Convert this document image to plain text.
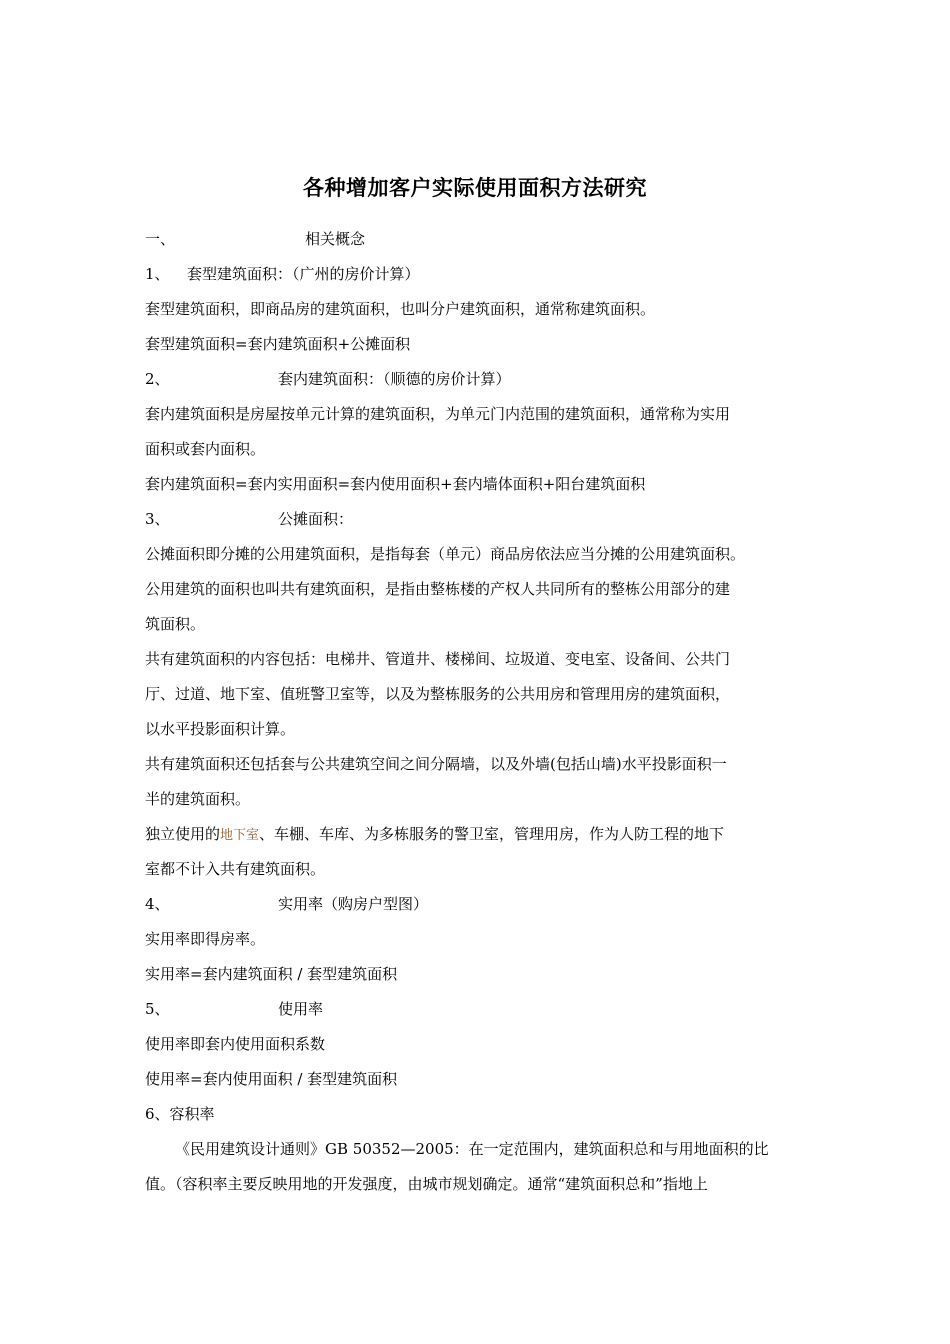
各种增加客户实际使用面积方法研究
一、	相关概念
1、 套型建筑面积：（广州的房价计算）
套型建筑面积，即商品房的建筑面积，也叫分户建筑面积，通常称建筑面积。
套型建筑面积=套内建筑面积+公摊面积
2、	套内建筑面积：（顺德的房价计算）
套内建筑面积是房屋按单元计算的建筑面积，为单元门内范围的建筑面积，通常称为实用
面积或套内面积。
套内建筑面积=套内实用面积=套内使用面积+套内墙体面积+阳台建筑面积
3、	公摊面积：
公摊面积即分摊的公用建筑面积，是指每套（单元）商品房依法应当分摊的公用建筑面积。
公用建筑的面积也叫共有建筑面积，是指由整栋楼的产权人共同所有的整栋公用部分的建
筑面积。
共有建筑面积的内容包括：电梯井、管道井、楼梯间、垃圾道、变电室、设备间、公共门
厅、过道、地下室、值班警卫室等，以及为整栋服务的公共用房和管理用房的建筑面积，
以水平投影面积计算。
共有建筑面积还包括套与公共建筑空间之间分隔墙，以及外墙(包括山墙)水平投影面积一
半的建筑面积。
独立使用的地下室、车棚、车库、为多栋服务的警卫室，管理用房，作为人防工程的地下
室都不计入共有建筑面积。
4、	实用率（购房户型图）
实用率即得房率。
实用率=套内建筑面积 / 套型建筑面积
5、	使用率
使用率即套内使用面积系数
使用率=套内使用面积 / 套型建筑面积
6、容积率
《民用建筑设计通则》GB 50352—2005：在一定范围内，建筑面积总和与用地面积的比
值。（容积率主要反映用地的开发强度，由城市规划确定。通常“建筑面积总和”指地上
